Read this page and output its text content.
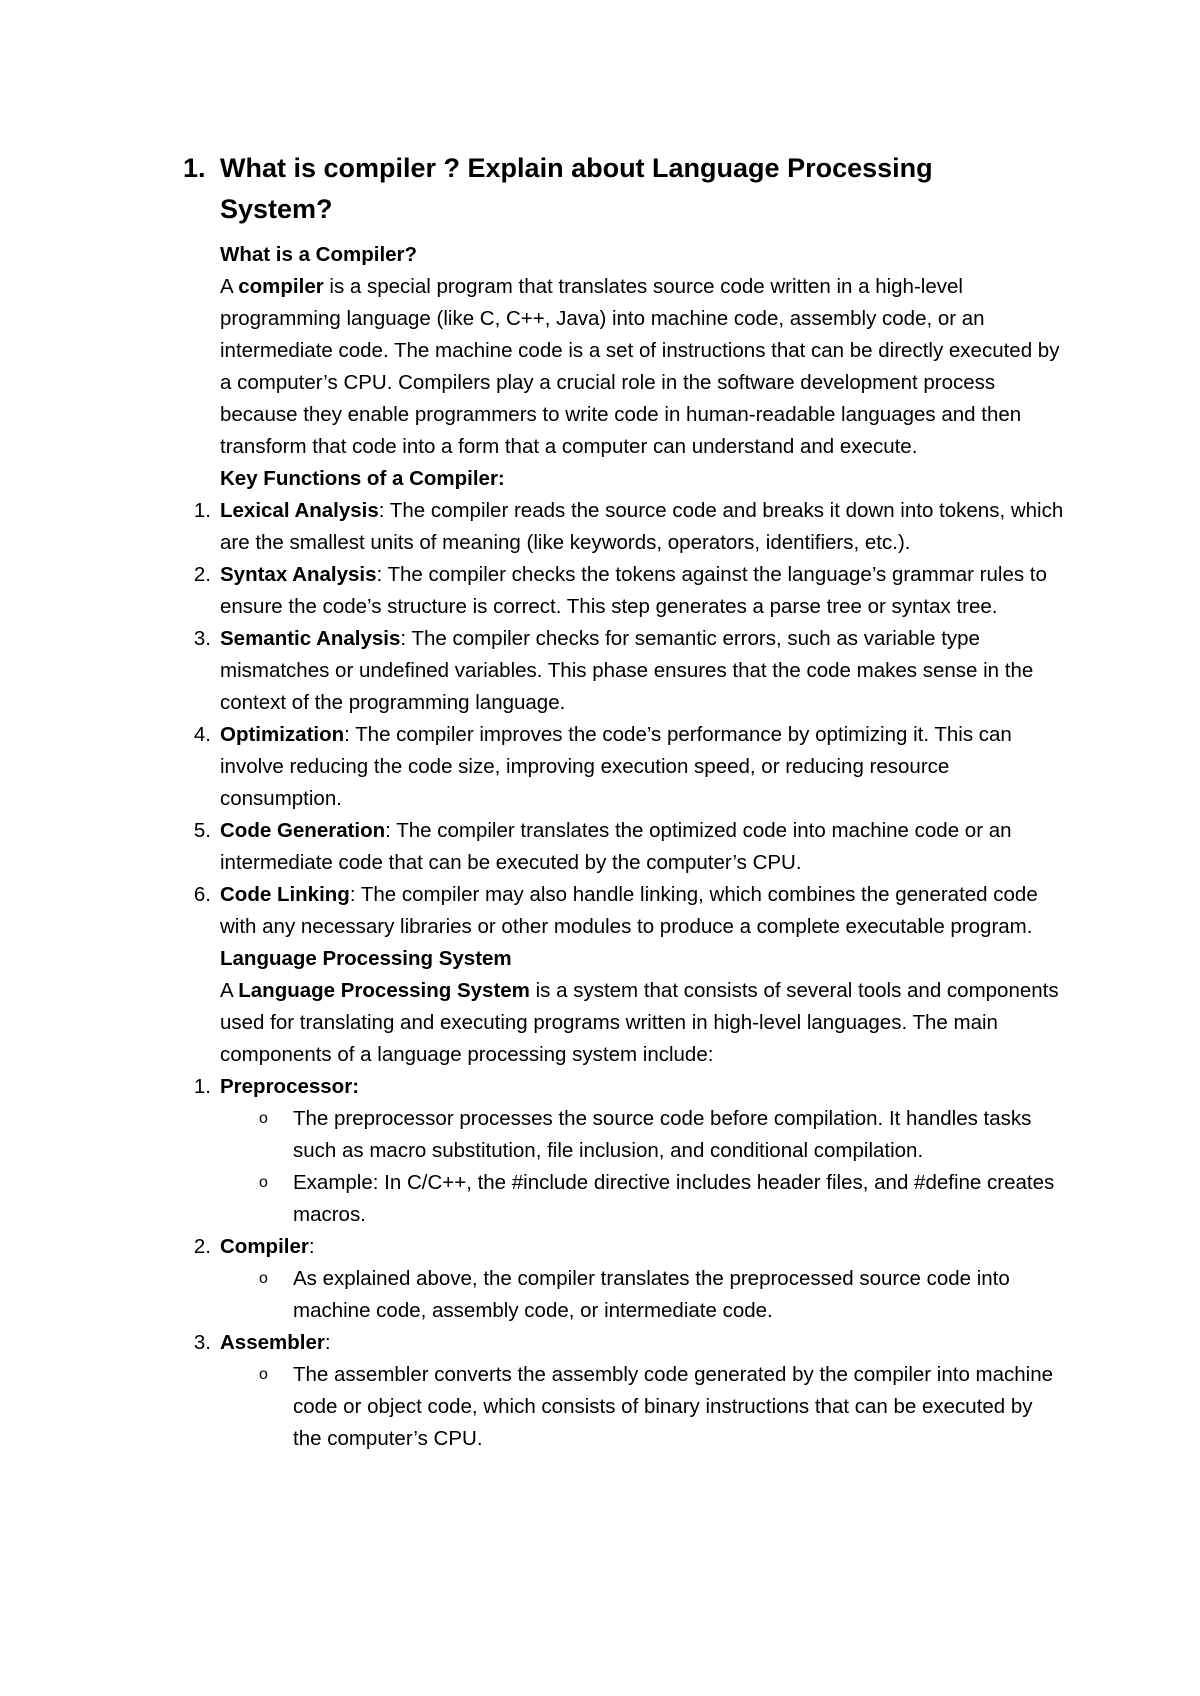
1. What is compiler ? Explain about Language Processing System?

What is a Compiler?

A compiler is a special program that translates source code written in a high-level programming language (like C, C++, Java) into machine code, assembly code, or an intermediate code. The machine code is a set of instructions that can be directly executed by a computer’s CPU. Compilers play a crucial role in the software development process because they enable programmers to write code in human-readable languages and then transform that code into a form that a computer can understand and execute.

Key Functions of a Compiler:

1. Lexical Analysis: The compiler reads the source code and breaks it down into tokens, which are the smallest units of meaning (like keywords, operators, identifiers, etc.).
2. Syntax Analysis: The compiler checks the tokens against the language’s grammar rules to ensure the code’s structure is correct. This step generates a parse tree or syntax tree.
3. Semantic Analysis: The compiler checks for semantic errors, such as variable type mismatches or undefined variables. This phase ensures that the code makes sense in the context of the programming language.
4. Optimization: The compiler improves the code’s performance by optimizing it. This can involve reducing the code size, improving execution speed, or reducing resource consumption.
5. Code Generation: The compiler translates the optimized code into machine code or an intermediate code that can be executed by the computer’s CPU.
6. Code Linking: The compiler may also handle linking, which combines the generated code with any necessary libraries or other modules to produce a complete executable program.

Language Processing System

A Language Processing System is a system that consists of several tools and components used for translating and executing programs written in high-level languages. The main components of a language processing system include:

1. Preprocessor:
o The preprocessor processes the source code before compilation. It handles tasks such as macro substitution, file inclusion, and conditional compilation.
o Example: In C/C++, the #include directive includes header files, and #define creates macros.
2. Compiler:
o As explained above, the compiler translates the preprocessed source code into machine code, assembly code, or intermediate code.
3. Assembler:
o The assembler converts the assembly code generated by the compiler into machine code or object code, which consists of binary instructions that can be executed by the computer’s CPU.
